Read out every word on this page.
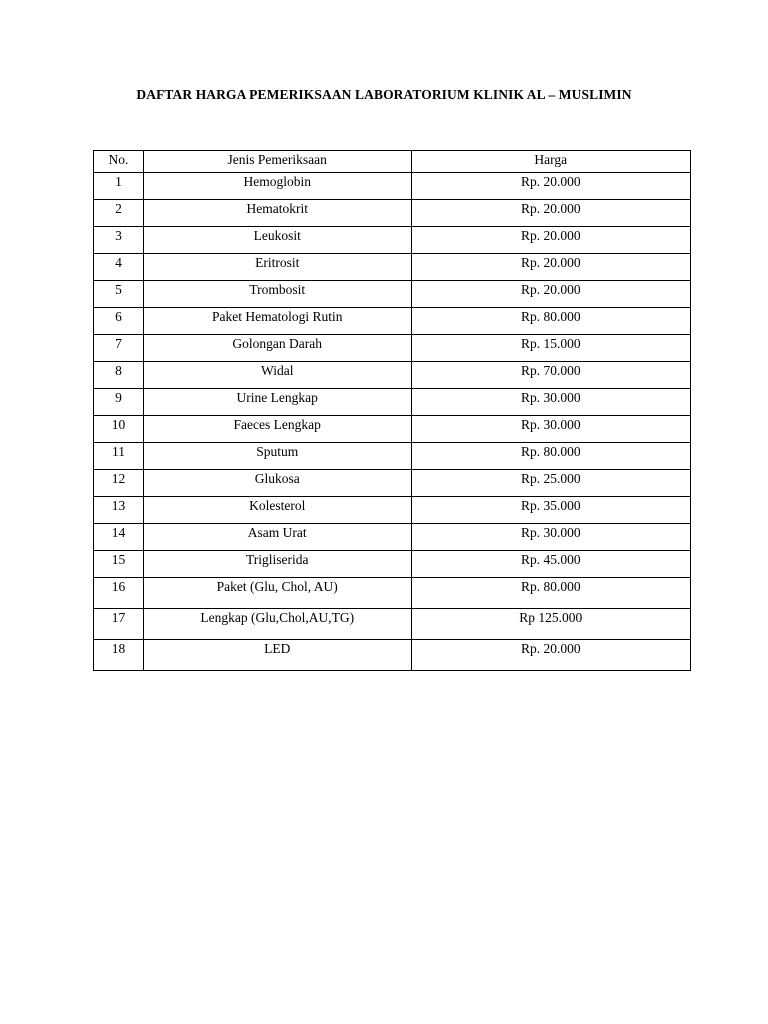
DAFTAR HARGA PEMERIKSAAN LABORATORIUM KLINIK AL – MUSLIMIN
No.	Jenis Pemeriksaan	Harga
1	Hemoglobin	Rp. 20.000
2	Hematokrit	Rp. 20.000
3	Leukosit	Rp. 20.000
4	Eritrosit	Rp. 20.000
5	Trombosit	Rp. 20.000
6	Paket Hematologi Rutin	Rp. 80.000
7	Golongan Darah	Rp. 15.000
8	Widal	Rp. 70.000
9	Urine Lengkap	Rp. 30.000
10	Faeces Lengkap	Rp. 30.000
11	Sputum	Rp. 80.000
12	Glukosa	Rp. 25.000
13	Kolesterol	Rp. 35.000
14	Asam Urat	Rp. 30.000
15	Trigliserida	Rp. 45.000
16	Paket (Glu, Chol, AU)	Rp. 80.000
17	Lengkap (Glu,Chol,AU,TG)	Rp 125.000
18	LED	Rp. 20.000
